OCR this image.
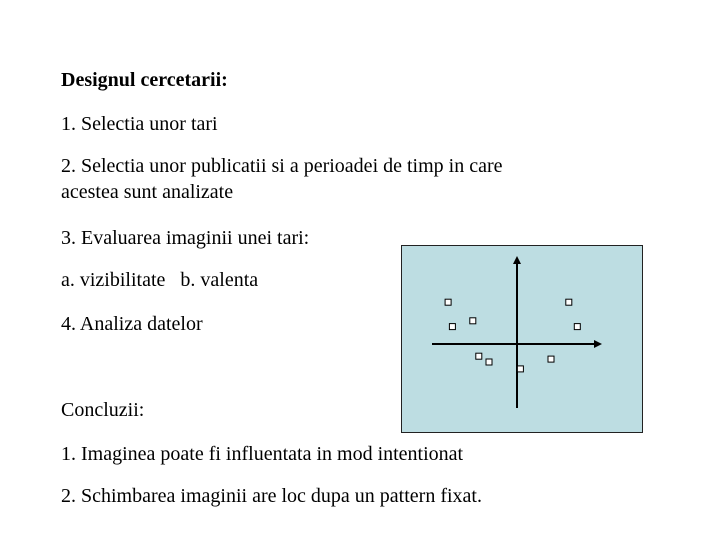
Designul cercetarii:
1. Selectia unor tari
2. Selectia unor publicatii si a perioadei de timp in care
acestea sunt analizate
3. Evaluarea imaginii unei tari:
a. vizibilitate b. valenta
4. Analiza datelor
Concluzii:
1. Imaginea poate fi influentata in mod intentionat
2. Schimbarea imaginii are loc dupa un pattern fixat.
